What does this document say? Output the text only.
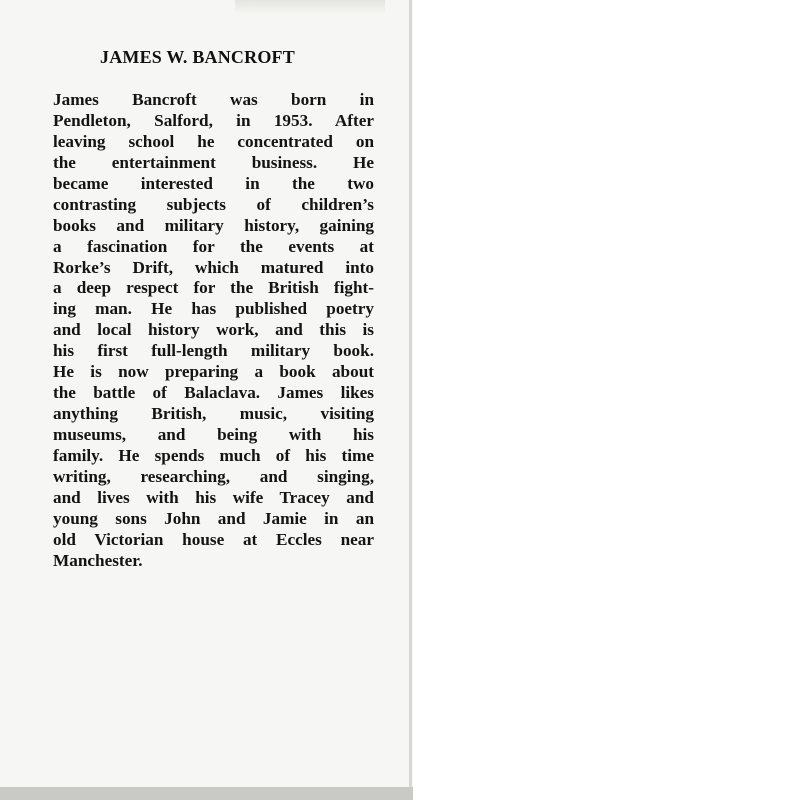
JAMES W. BANCROFT
James Bancroft was born in
Pendleton, Salford, in 1953. After
leaving school he concentrated on
the entertainment business. He
became interested in the two
contrasting subjects of children’s
books and military history, gaining
a fascination for the events at
Rorke’s Drift, which matured into
a deep respect for the British fight-
ing man. He has published poetry
and local history work, and this is
his first full-length military book.
He is now preparing a book about
the battle of Balaclava. James likes
anything British, music, visiting
museums, and being with his
family. He spends much of his time
writing, researching, and singing,
and lives with his wife Tracey and
young sons John and Jamie in an
old Victorian house at Eccles near
Manchester.
